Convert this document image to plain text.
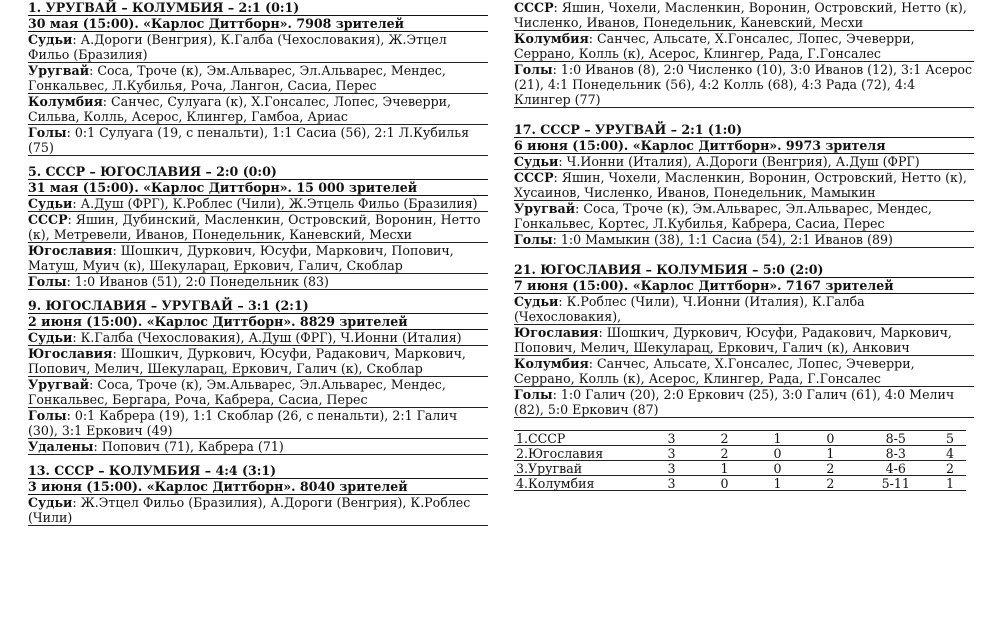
1. УРУГВАЙ – КОЛУМБИЯ – 2:1 (0:1)
30 мая (15:00). «Карлос Диттборн». 7908 зрителей
Судьи : А.Дороги (Венгрия), К.Галба (Чехословакия), Ж.Этцел Фильо (Бразилия)
Уругвай : Соса, Троче (к), Эм.Альварес, Эл.Альварес, Мендес, Гонкальвес, Л.Кубилья, Роча, Лангон, Сасиа, Перес
Колумбия : Санчес, Сулуага (к), Х.Гонсалес, Лопес, Эчеверри, Сильва, Колль, Асерос, Клингер, Гамбоа, Ариас
Голы : 0:1 Сулуага (19, с пенальти), 1:1 Сасиа (56), 2:1 Л.Кубилья (75)
5. СССР – ЮГОСЛАВИЯ – 2:0 (0:0)
31 мая (15:00). «Карлос Диттборн». 15 000 зрителей
Судьи : А.Душ (ФРГ), К.Роблес (Чили), Ж.Этцель Фильо (Бразилия)
СССР : Яшин, Дубинский, Масленкин, Островский, Воронин, Нетто (к), Метревели, Иванов, Понедельник, Каневский, Месхи
Югославия : Шошкич, Дуркович, Юсуфи, Маркович, Попович, Матуш, Муич (к), Шекуларац, Еркович, Галич, Скоблар
Голы : 1:0 Иванов (51), 2:0 Понедельник (83)
9. ЮГОСЛАВИЯ – УРУГВАЙ – 3:1 (2:1)
2 июня (15:00). «Карлос Диттборн». 8829 зрителей
Судьи : К.Галба (Чехословакия), А.Душ (ФРГ), Ч.Ионни (Италия)
Югославия : Шошкич, Дуркович, Юсуфи, Радакович, Маркович, Попович, Мелич, Шекуларац, Еркович, Галич (к), Скоблар
Уругвай : Соса, Троче (к), Эм.Альварес, Эл.Альварес, Мендес, Гонкальвес, Бергара, Роча, Кабрера, Сасиа, Перес
Голы : 0:1 Кабрера (19), 1:1 Скоблар (26, с пенальти), 2:1 Галич (30), 3:1 Еркович (49)
Удалены : Попович (71), Кабрера (71)
13. СССР – КОЛУМБИЯ – 4:4 (3:1)
3 июня (15:00). «Карлос Диттборн». 8040 зрителей
Судьи : Ж.Этцел Фильо (Бразилия), А.Дороги (Венгрия), К.Роблес (Чили)
СССР : Яшин, Чохели, Масленкин, Воронин, Островский, Нетто (к), Численко, Иванов, Понедельник, Каневский, Месхи
Колумбия : Санчес, Альсате, Х.Гонсалес, Лопес, Эчеверри, Серрано, Колль (к), Асерос, Клингер, Рада, Г.Гонсалес
Голы : 1:0 Иванов (8), 2:0 Численко (10), 3:0 Иванов (12), 3:1 Асерос (21), 4:1 Понедельник (56), 4:2 Колль (68), 4:3 Рада (72), 4:4 Клингер (77)
17. СССР – УРУГВАЙ – 2:1 (1:0)
6 июня (15:00). «Карлос Диттборн». 9973 зрителя
Судьи : Ч.Ионни (Италия), А.Дороги (Венгрия), А.Душ (ФРГ)
СССР : Яшин, Чохели, Масленкин, Воронин, Островский, Нетто (к), Хусаинов, Численко, Иванов, Понедельник, Мамыкин
Уругвай : Соса, Троче (к), Эм.Альварес, Эл.Альварес, Мендес, Гонкальвес, Кортес, Л.Кубилья, Кабрера, Сасиа, Перес
Голы : 1:0 Мамыкин (38), 1:1 Сасиа (54), 2:1 Иванов (89)
21. ЮГОСЛАВИЯ – КОЛУМБИЯ – 5:0 (2:0)
7 июня (15:00). «Карлос Диттборн». 7167 зрителей
Судьи : К.Роблес (Чили), Ч.Ионни (Италия), К.Галба (Чехословакия),
Югославия : Шошкич, Дуркович, Юсуфи, Радакович, Маркович, Попович, Мелич, Шекуларац, Еркович, Галич (к), Анкович
Колумбия : Санчес, Альсате, Х.Гонсалес, Лопес, Эчеверри, Серрано, Колль (к), Асерос, Клингер, Рада, Г.Гонсалес
Голы : 1:0 Галич (20), 2:0 Еркович (25), 3:0 Галич (61), 4:0 Мелич (82), 5:0 Еркович (87)
1.СССР	3	2	1	0	8-5	5
2.Югославия	3	2	0	1	8-3	4
3.Уругвай	3	1	0	2	4-6	2
4.Колумбия	3	0	1	2	5-11	1
